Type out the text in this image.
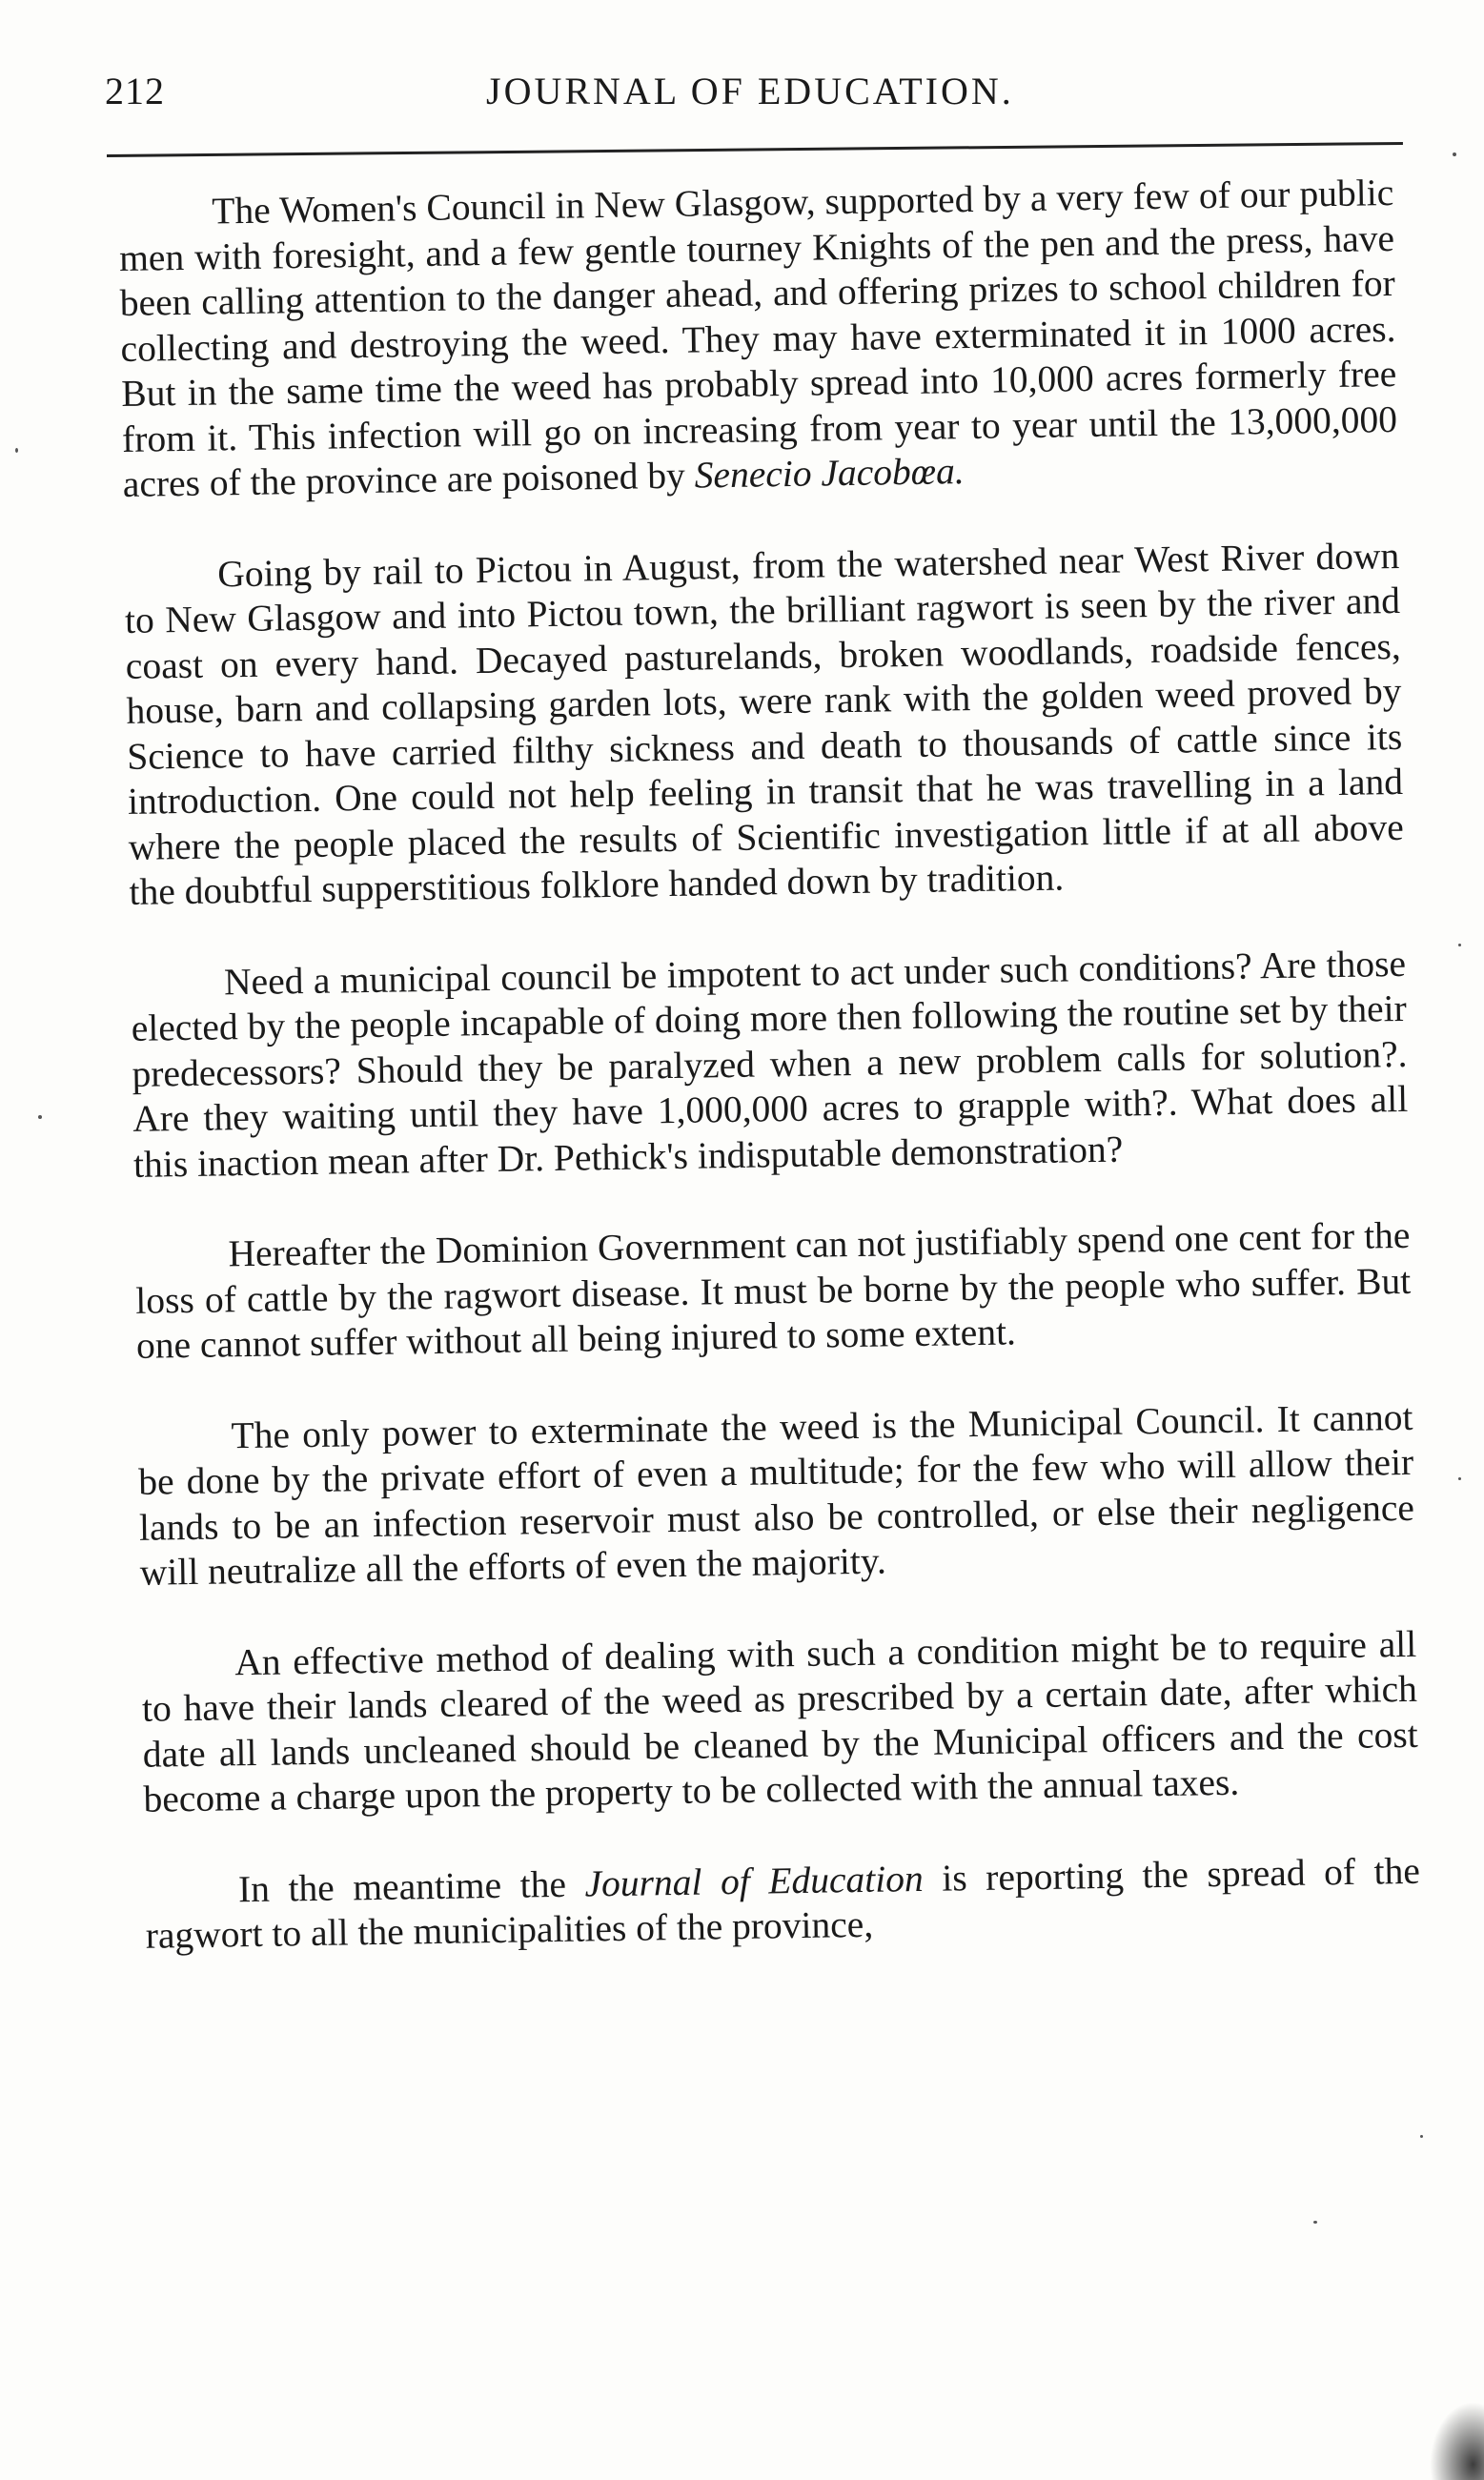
212	JOURNAL OF EDUCATION.

The Women's Council in New Glasgow, supported by a very few of our public men with foresight, and a few gentle tourney Knights of the pen and the press, have been calling attention to the danger ahead, and offering prizes to school children for collecting and destroying the weed. They may have exterminated it in 1000 acres. But in the same time the weed has probably spread into 10,000 acres formerly free from it. This infection will go on increasing from year to year until the 13,000,000 acres of the province are poisoned by Senecio Jacobœa.

Going by rail to Pictou in August, from the watershed near West River down to New Glasgow and into Pictou town, the brilliant ragwort is seen by the river and coast on every hand. Decayed pasturelands, broken woodlands, roadside fences, house, barn and collapsing garden lots, were rank with the golden weed proved by Science to have carried filthy sickness and death to thousands of cattle since its introduction. One could not help feeling in transit that he was travelling in a land where the people placed the results of Scientific investigation little if at all above the doubtful supperstitious folklore handed down by tradition.

Need a municipal council be impotent to act under such conditions? Are those elected by the people incapable of doing more then following the routine set by their predecessors? Should they be paralyzed when a new problem calls for solution?. Are they waiting until they have 1,000,000 acres to grapple with?. What does all this inaction mean after Dr. Pethick's indisputable demonstration?

Hereafter the Dominion Government can not justifiably spend one cent for the loss of cattle by the ragwort disease. It must be borne by the people who suffer. But one cannot suffer without all being injured to some extent.

The only power to exterminate the weed is the Municipal Council. It cannot be done by the private effort of even a multitude; for the few who will allow their lands to be an infection reservoir must also be controlled, or else their negligence will neutralize all the efforts of even the majority.

An effective method of dealing with such a condition might be to require all to have their lands cleared of the weed as prescribed by a certain date, after which date all lands uncleaned should be cleaned by the Municipal officers and the cost become a charge upon the property to be collected with the annual taxes.

In the meantime the Journal of Education is reporting the spread of the ragwort to all the municipalities of the province,
